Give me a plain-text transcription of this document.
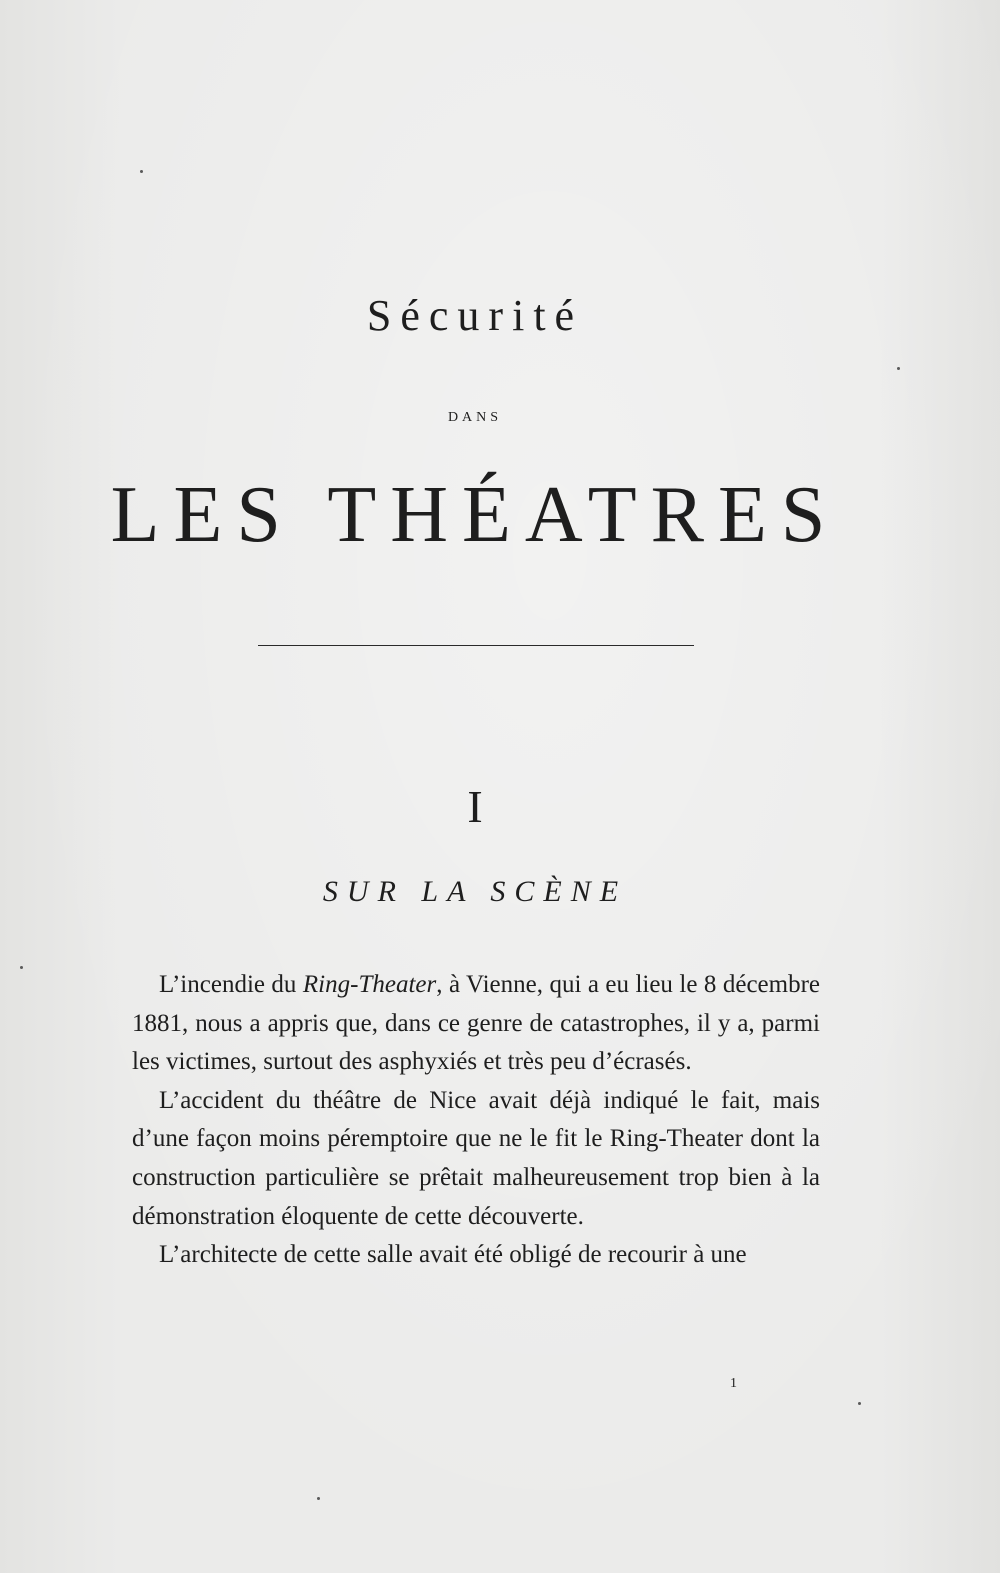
Sécurité
DANS
LES THÉATRES
I
SUR LA SCÈNE

L’incendie du Ring-Theater, à Vienne, qui a eu lieu le 8 décembre 1881, nous a appris que, dans ce genre de catastrophes, il y a, parmi les victimes, surtout des asphyxiés et très peu d’écrasés.

L’accident du théâtre de Nice avait déjà indiqué le fait, mais d’une façon moins péremptoire que ne le fit le Ring-Theater dont la construction particulière se prêtait malheureusement trop bien à la démonstration éloquente de cette découverte.

L’architecte de cette salle avait été obligé de recourir à une

1
